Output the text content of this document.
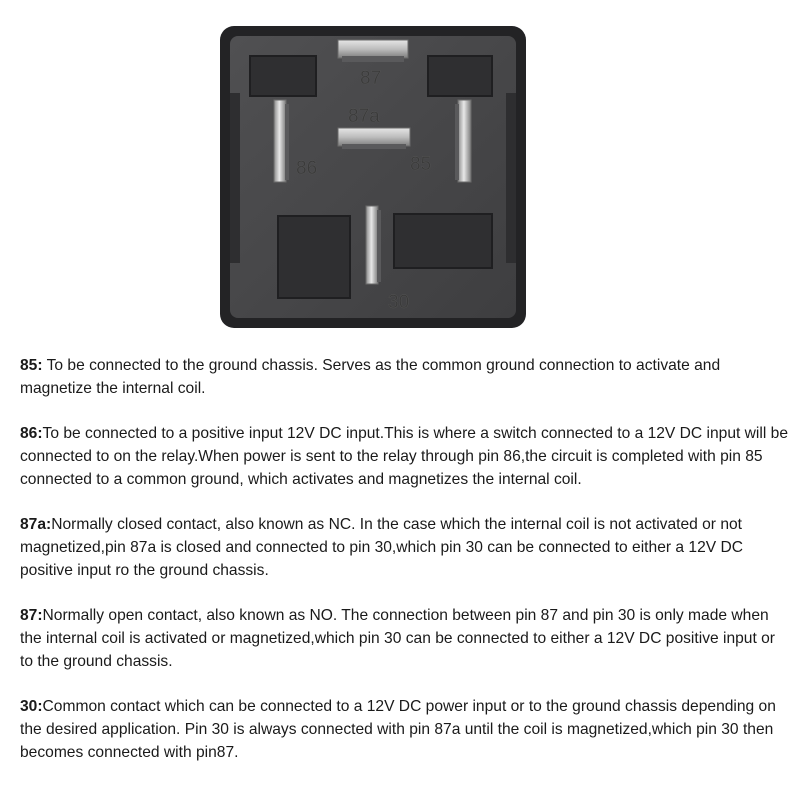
87
87a
86	85
30

85: To be connected to the ground chassis. Serves as the common ground connection to activate and magnetize the internal coil.

86:To be connected to a positive input 12V DC input.This is where a switch connected to a 12V DC input will be connected to on the relay.When power is sent to the relay through pin 86,the circuit is completed with pin 85 connected to a common ground, which activates and magnetizes the internal coil.

87a:Normally closed contact, also known as NC. In the case which the internal coil is not activated or not magnetized,pin 87a is closed and connected to pin 30,which pin 30 can be connected to either a 12V DC positive input ro the ground chassis.

87:Normally open contact, also known as NO. The connection between pin 87 and pin 30 is only made when the internal coil is activated or magnetized,which pin 30 can be connected to either a 12V DC positive input or to the ground chassis.

30:Common contact which can be connected to a 12V DC power input or to the ground chassis depending on the desired application. Pin 30 is always connected with pin 87a until the coil is magnetized,which pin 30 then becomes connected with pin87.
